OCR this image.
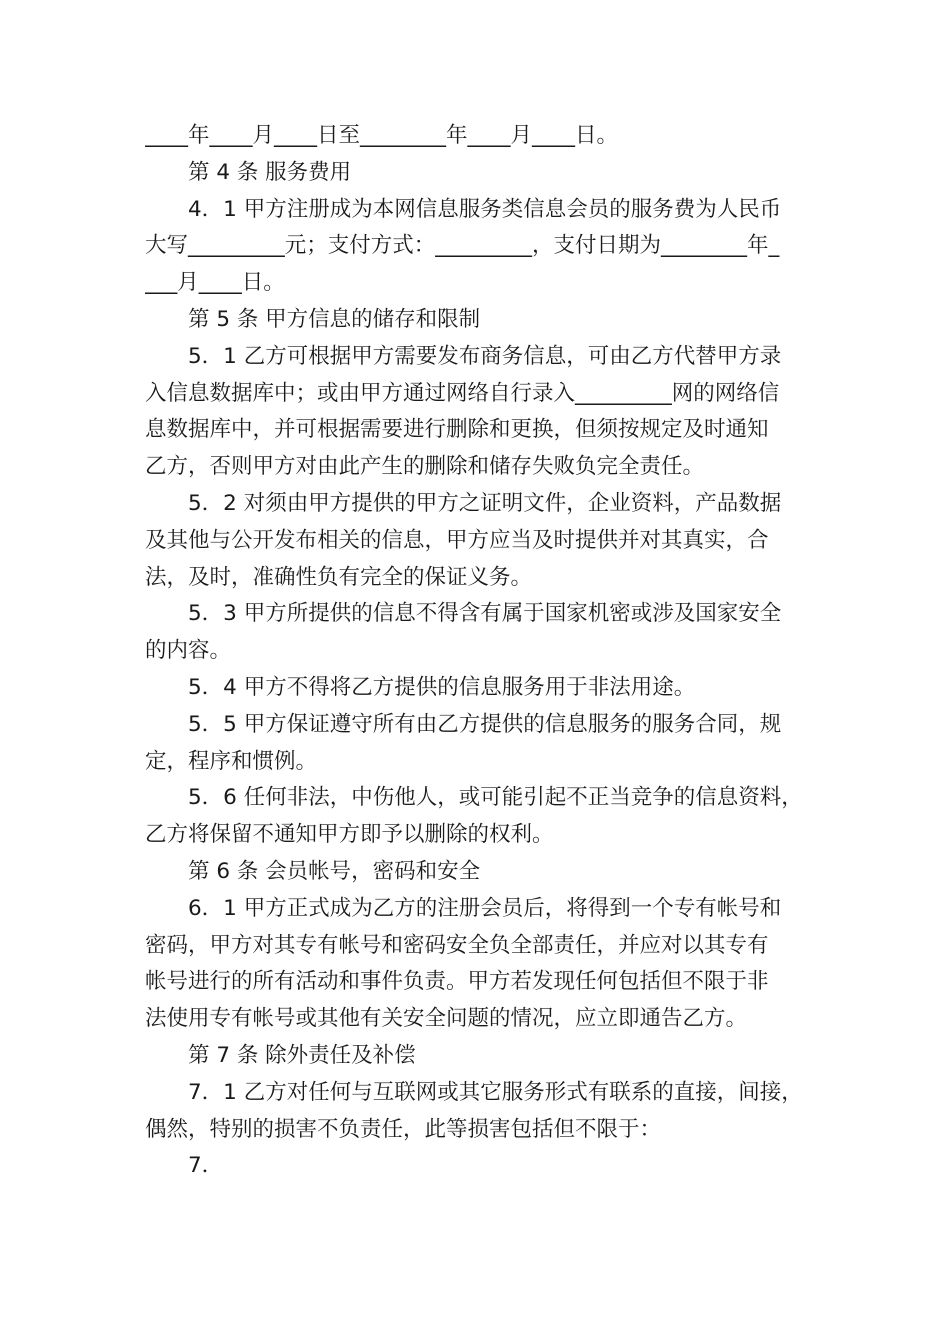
____年____月____日至________年____月____日。
第 4 条 服务费用
4．1 甲方注册成为本网信息服务类信息会员的服务费为人民币
大写_________元；支付方式：_________，支付日期为________年_
___月____日。
第 5 条 甲方信息的储存和限制
5．1 乙方可根据甲方需要发布商务信息，可由乙方代替甲方录
入信息数据库中；或由甲方通过网络自行录入_________网的网络信
息数据库中，并可根据需要进行删除和更换，但须按规定及时通知
乙方，否则甲方对由此产生的删除和储存失败负完全责任。
5．2 对须由甲方提供的甲方之证明文件，企业资料，产品数据
及其他与公开发布相关的信息，甲方应当及时提供并对其真实，合
法，及时，准确性负有完全的保证义务。
5．3 甲方所提供的信息不得含有属于国家机密或涉及国家安全
的内容。
5．4 甲方不得将乙方提供的信息服务用于非法用途。
5．5 甲方保证遵守所有由乙方提供的信息服务的服务合同，规
定，程序和惯例。
5．6 任何非法，中伤他人，或可能引起不正当竞争的信息资料，
乙方将保留不通知甲方即予以删除的权利。
第 6 条 会员帐号，密码和安全
6．1 甲方正式成为乙方的注册会员后，将得到一个专有帐号和
密码，甲方对其专有帐号和密码安全负全部责任，并应对以其专有
帐号进行的所有活动和事件负责。甲方若发现任何包括但不限于非
法使用专有帐号或其他有关安全问题的情况，应立即通告乙方。
第 7 条 除外责任及补偿
7．1 乙方对任何与互联网或其它服务形式有联系的直接，间接，
偶然，特别的损害不负责任，此等损害包括但不限于：
7．
